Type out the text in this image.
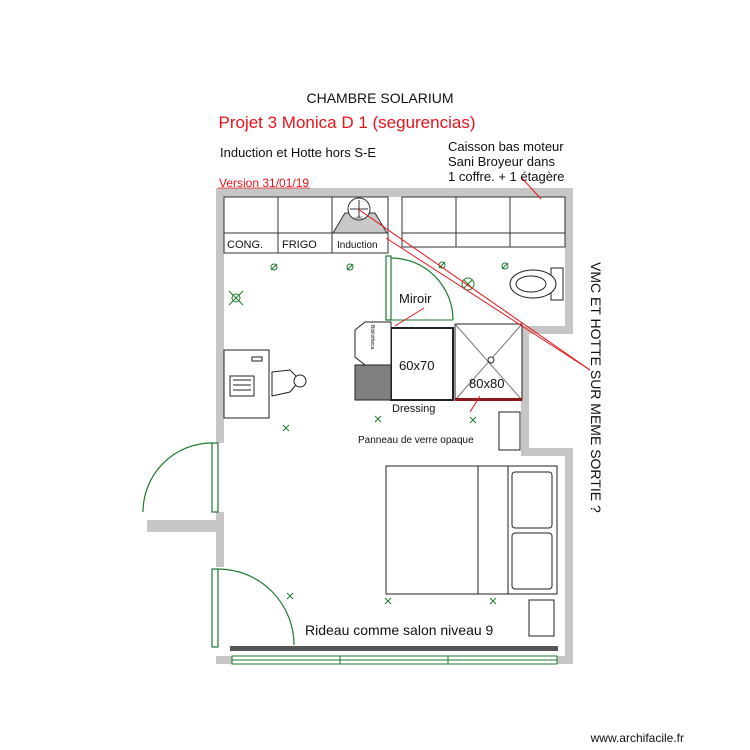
VMC
CHAMBRE SOLARIUM
Projet 3 Monica D 1 (segurencias)
Induction et Hotte hors S-E
Version 31/01/19
Caisson bas moteur
Sani Broyeur dans
1 coffre. + 1 étagère
CONG. FRIGO Induction
Miroir
Bibliotheca
60x70
80x80
Dressing
Panneau de verre opaque
Rideau comme salon niveau 9
VMC ET HOTTE SUR MEME SORTIE ?
www.archifacile.fr
